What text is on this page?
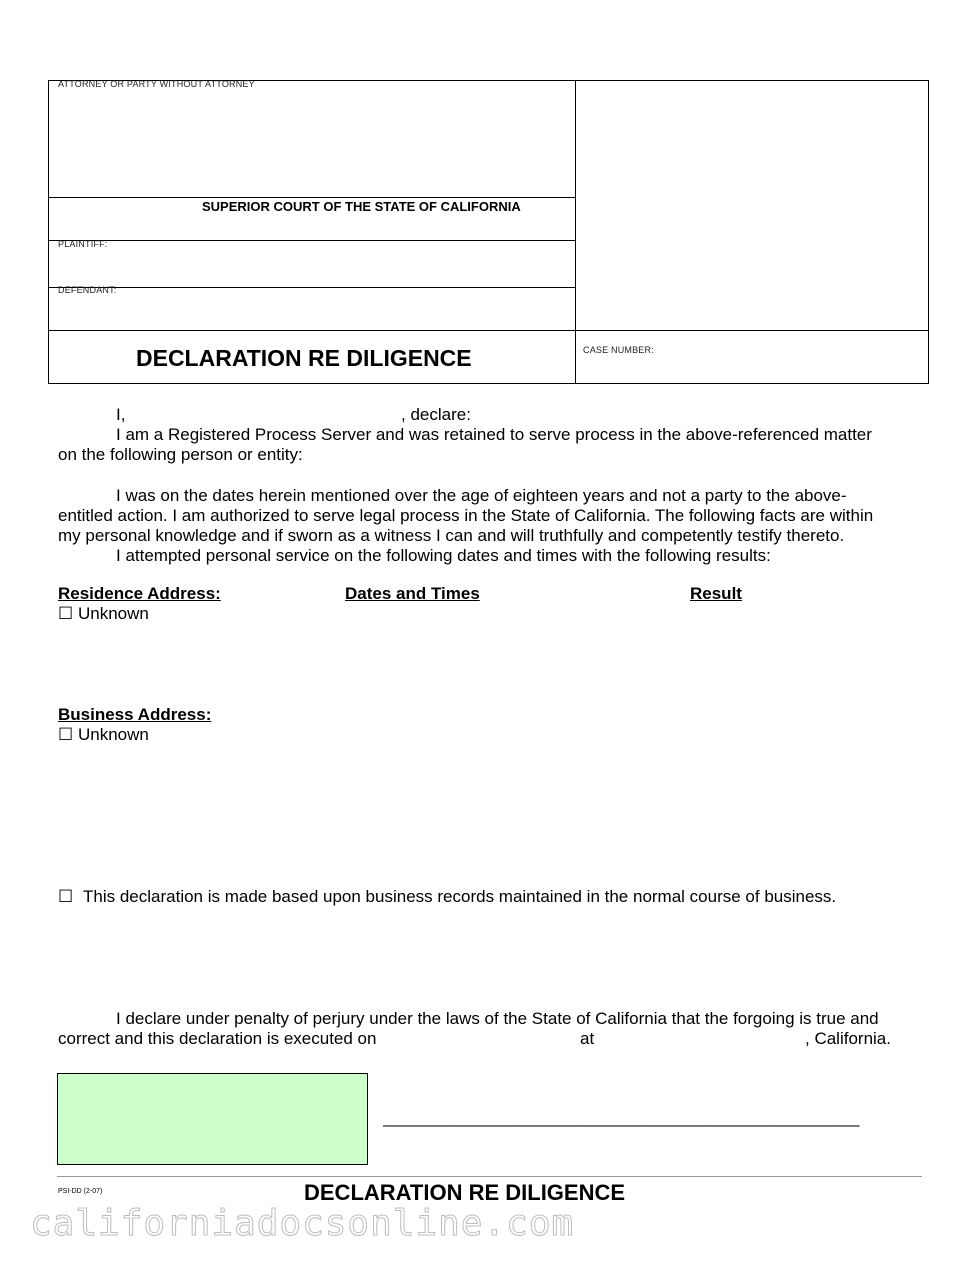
ATTORNEY OR PARTY WITHOUT ATTORNEY
SUPERIOR COURT OF THE STATE OF CALIFORNIA
PLAINTIFF:
DEFENDANT:
DECLARATION RE DILIGENCE	CASE NUMBER:
I,	, declare:
I am a Registered Process Server and was retained to serve process in the above-referenced matter
on the following person or entity:
I was on the dates herein mentioned over the age of eighteen years and not a party to the above-
entitled action. I am authorized to serve legal process in the State of California. The following facts are within
my personal knowledge and if sworn as a witness I can and will truthfully and competently testify thereto.
I attempted personal service on the following dates and times with the following results:
Residence Address:	Dates and Times	Result
☐ Unknown
Business Address:
☐ Unknown
☐ This declaration is made based upon business records maintained in the normal course of business.
I declare under penalty of perjury under the laws of the State of California that the forgoing is true and
correct and this declaration is executed on	at	, California.
____________________________________________________
PSI-DD (2-07)	DECLARATION RE DILIGENCE
californiadocsonline.com
